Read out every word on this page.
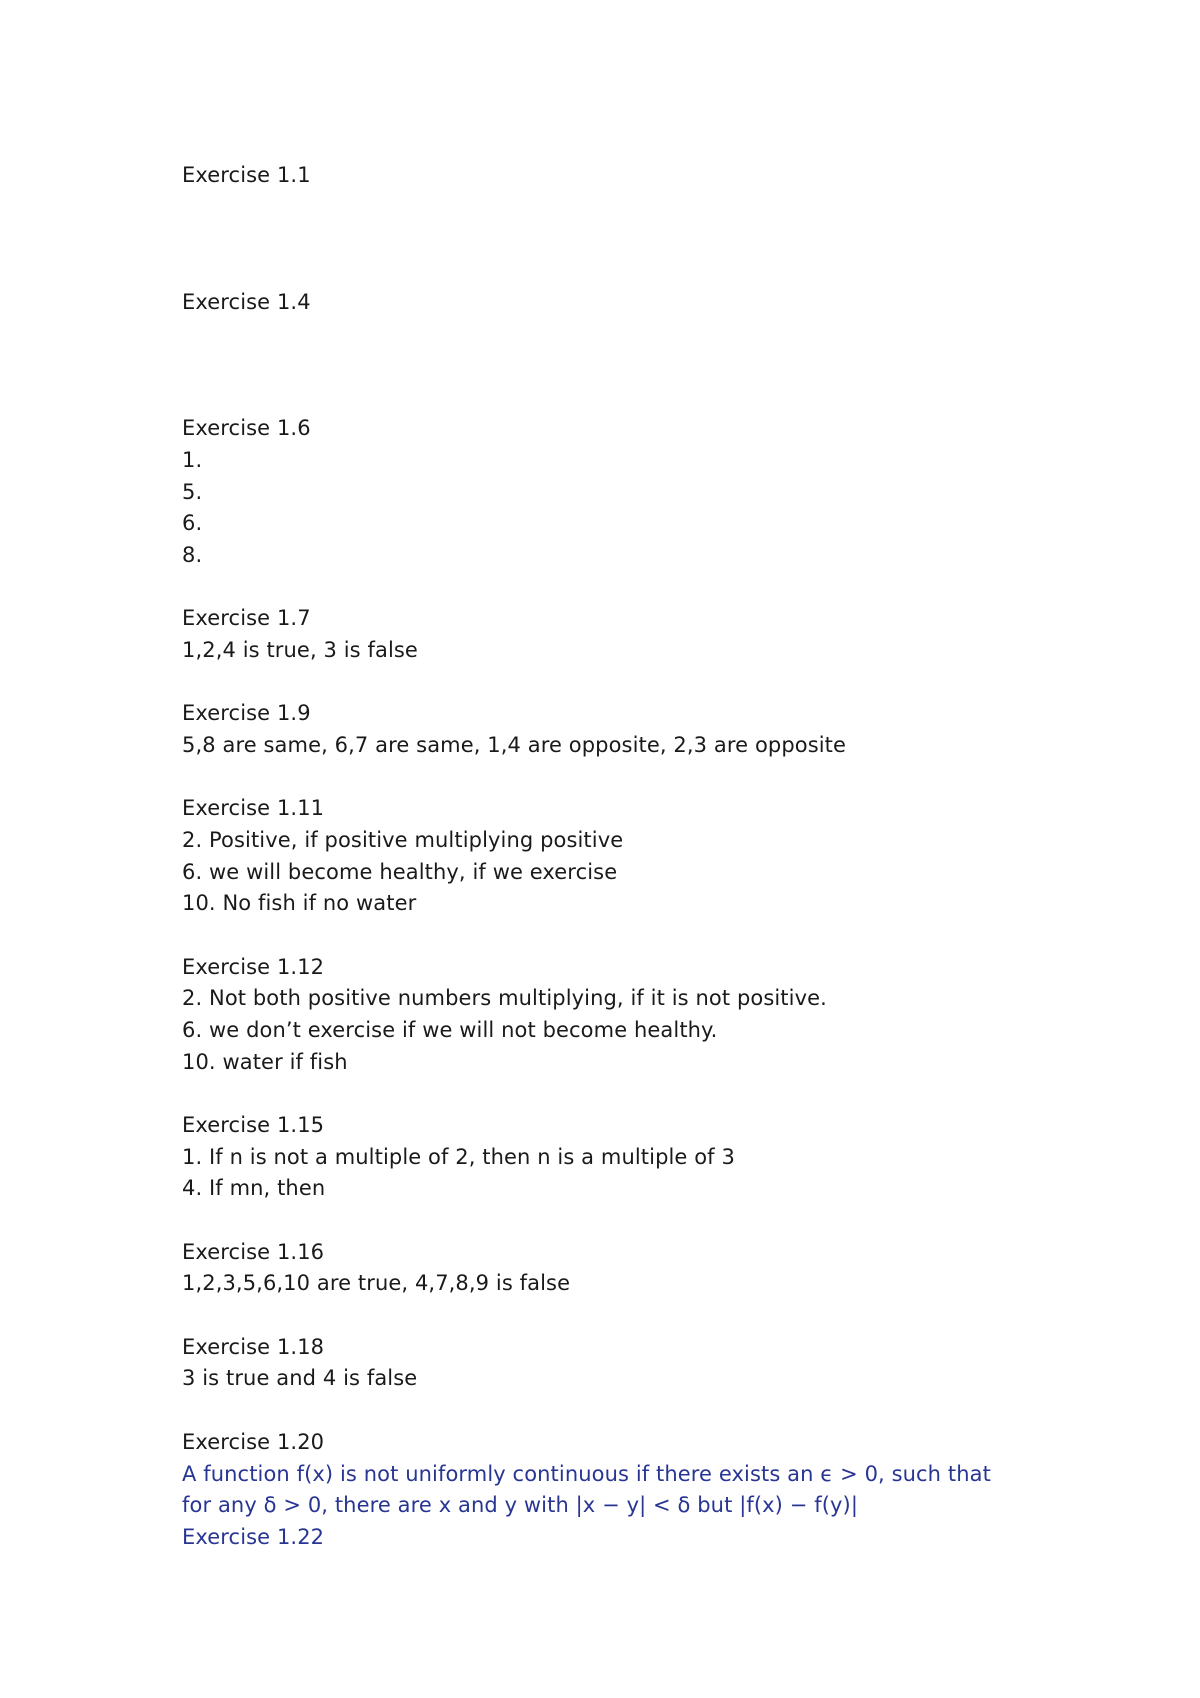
Exercise 1.1
Exercise 1.4
Exercise 1.6
1.
5.
6.
8.
Exercise 1.7
1,2,4 is true, 3 is false
Exercise 1.9
5,8 are same, 6,7 are same, 1,4 are opposite, 2,3 are opposite
Exercise 1.11
2. Positive, if positive multiplying positive
6. we will become healthy, if we exercise
10. No fish if no water
Exercise 1.12
2. Not both positive numbers multiplying, if it is not positive.
6. we don’t exercise if we will not become healthy.
10. water if fish
Exercise 1.15
1. If n is not a multiple of 2, then n is a multiple of 3
4. If mn, then
Exercise 1.16
1,2,3,5,6,10 are true, 4,7,8,9 is false
Exercise 1.18
3 is true and 4 is false
Exercise 1.20
A function f(x) is not uniformly continuous if there exists an ϵ > 0, such that
for any δ > 0, there are x and y with |x − y| < δ but |f(x) − f(y)|
Exercise 1.22
